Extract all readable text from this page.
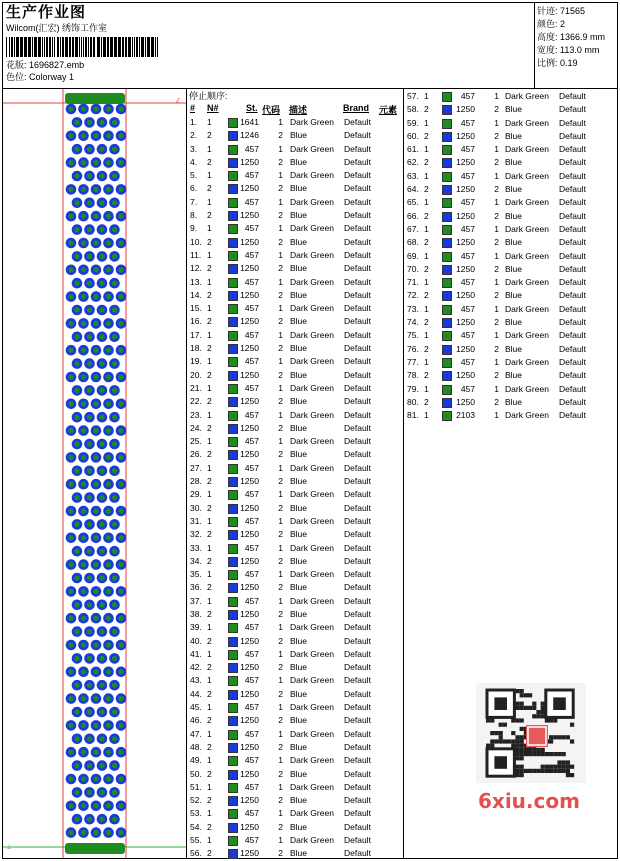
生产作业图
Wilcom(汇宏) 绣饰工作室
花版: 1696827.emb
色位: Colorway 1
针迹: 71565
颜色: 2
高度: 1366.9 mm
宽度: 113.0 mm
比例: 0.19
∠
⊥
停止顺序:
# N#	St. 代码 描述	Brand 元素
1. 1	1641	1 Dark Green Default
2. 2	1246	2 Blue	Default
3. 1	457	1 Dark Green Default
4. 2	1250	2 Blue	Default
5. 1	457	1 Dark Green Default
6. 2	1250	2 Blue	Default
7. 1	457	1 Dark Green Default
8. 2	1250	2 Blue	Default
9. 1	457	1 Dark Green Default
10. 2	1250	2 Blue	Default
11. 1	457	1 Dark Green Default
12. 2	1250	2 Blue	Default
13. 1	457	1 Dark Green Default
14. 2	1250	2 Blue	Default
15. 1	457	1 Dark Green Default
16. 2	1250	2 Blue	Default
17. 1	457	1 Dark Green Default
18. 2	1250	2 Blue	Default
19. 1	457	1 Dark Green Default
20. 2	1250	2 Blue	Default
21. 1	457	1 Dark Green Default
22. 2	1250	2 Blue	Default
23. 1	457	1 Dark Green Default
24. 2	1250	2 Blue	Default
25. 1	457	1 Dark Green Default
26. 2	1250	2 Blue	Default
27. 1	457	1 Dark Green Default
28. 2	1250	2 Blue	Default
29. 1	457	1 Dark Green Default
30. 2	1250	2 Blue	Default
31. 1	457	1 Dark Green Default
32. 2	1250	2 Blue	Default
33. 1	457	1 Dark Green Default
34. 2	1250	2 Blue	Default
35. 1	457	1 Dark Green Default
36. 2	1250	2 Blue	Default
37. 1	457	1 Dark Green Default
38. 2	1250	2 Blue	Default
39. 1	457	1 Dark Green Default
40. 2	1250	2 Blue	Default
41. 1	457	1 Dark Green Default
42. 2	1250	2 Blue	Default
43. 1	457	1 Dark Green Default
44. 2	1250	2 Blue	Default
45. 1	457	1 Dark Green Default
46. 2	1250	2 Blue	Default
47. 1	457	1 Dark Green Default
48. 2	1250	2 Blue	Default
49. 1	457	1 Dark Green Default
50. 2	1250	2 Blue	Default
51. 1	457	1 Dark Green Default
52. 2	1250	2 Blue	Default
53. 1	457	1 Dark Green Default
54. 2	1250	2 Blue	Default
55. 1	457	1 Dark Green Default
56. 2	1250	2 Blue	Default
57. 1	457	1 Dark Green Default
58. 2	1250	2 Blue	Default
59. 1	457	1 Dark Green Default
60. 2	1250	2 Blue	Default
61. 1	457	1 Dark Green Default
62. 2	1250	2 Blue	Default
63. 1	457	1 Dark Green Default
64. 2	1250	2 Blue	Default
65. 1	457	1 Dark Green Default
66. 2	1250	2 Blue	Default
67. 1	457	1 Dark Green Default
68. 2	1250	2 Blue	Default
69. 1	457	1 Dark Green Default
70. 2	1250	2 Blue	Default
71. 1	457	1 Dark Green Default
72. 2	1250	2 Blue	Default
73. 1	457	1 Dark Green Default
74. 2	1250	2 Blue	Default
75. 1	457	1 Dark Green Default
76. 2	1250	2 Blue	Default
77. 1	457	1 Dark Green Default
78. 2	1250	2 Blue	Default
79. 1	457	1 Dark Green Default
80. 2	1250	2 Blue	Default
81. 1	2103	1 Dark Green Default
6xiu.com
